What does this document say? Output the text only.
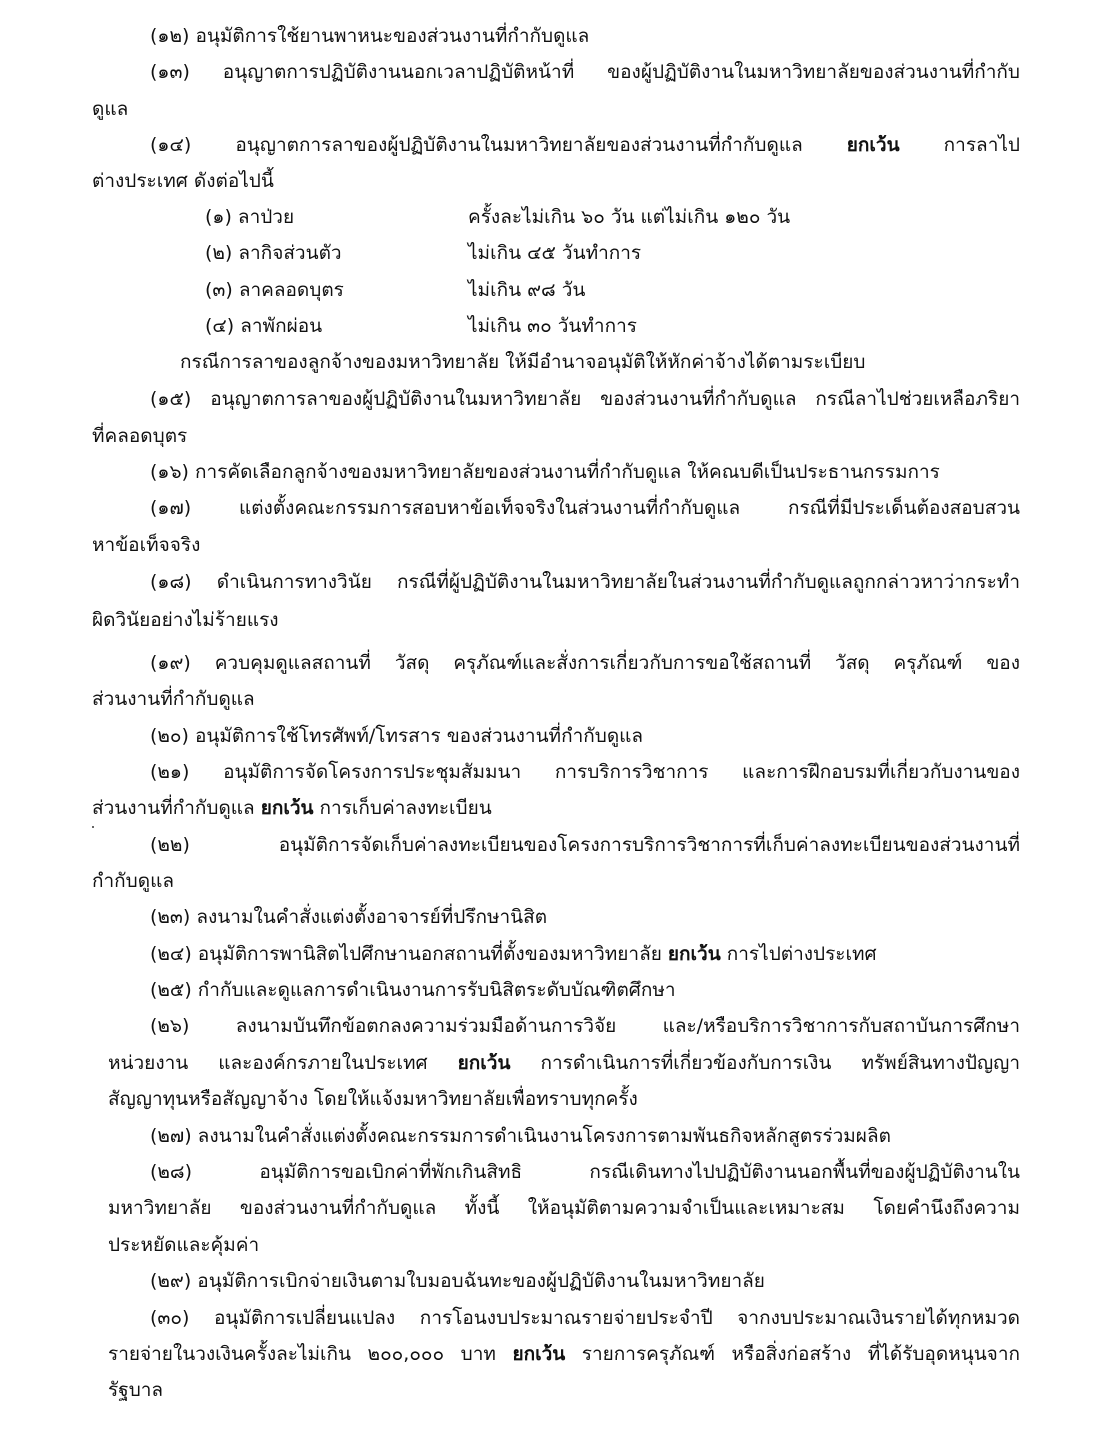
(๑๒) อนุมัติการใช้ยานพาหนะของส่วนงานที่กำกับดูแล
(๑๓) อนุญาตการปฏิบัติงานนอกเวลาปฏิบัติหน้าที่ ของผู้ปฏิบัติงานในมหาวิทยาลัยของส่วนงานที่กำกับ
ดูแล
(๑๔) อนุญาตการลาของผู้ปฏิบัติงานในมหาวิทยาลัยของส่วนงานที่กำกับดูแล ยกเว้น การลาไป
ต่างประเทศ ดังต่อไปนี้
(๑) ลาป่วย	ครั้งละไม่เกิน ๖๐ วัน แต่ไม่เกิน ๑๒๐ วัน
(๒) ลากิจส่วนตัว	ไม่เกิน ๔๕ วันทำการ
(๓) ลาคลอดบุตร	ไม่เกิน ๙๘ วัน
(๔) ลาพักผ่อน	ไม่เกิน ๓๐ วันทำการ
กรณีการลาของลูกจ้างของมหาวิทยาลัย ให้มีอำนาจอนุมัติให้หักค่าจ้างได้ตามระเบียบ
(๑๕) อนุญาตการลาของผู้ปฏิบัติงานในมหาวิทยาลัย ของส่วนงานที่กำกับดูแล กรณีลาไปช่วยเหลือภริยา
ที่คลอดบุตร
(๑๖) การคัดเลือกลูกจ้างของมหาวิทยาลัยของส่วนงานที่กำกับดูแล ให้คณบดีเป็นประธานกรรมการ
(๑๗) แต่งตั้งคณะกรรมการสอบหาข้อเท็จจริงในส่วนงานที่กำกับดูแล กรณีที่มีประเด็นต้องสอบสวน
หาข้อเท็จจริง
(๑๘) ดำเนินการทางวินัย กรณีที่ผู้ปฏิบัติงานในมหาวิทยาลัยในส่วนงานที่กำกับดูแลถูกกล่าวหาว่ากระทำ
ผิดวินัยอย่างไม่ร้ายแรง
(๑๙) ควบคุมดูแลสถานที่ วัสดุ ครุภัณฑ์และสั่งการเกี่ยวกับการขอใช้สถานที่ วัสดุ ครุภัณฑ์ ของ
ส่วนงานที่กำกับดูแล
(๒๐) อนุมัติการใช้โทรศัพท์/โทรสาร ของส่วนงานที่กำกับดูแล
(๒๑) อนุมัติการจัดโครงการประชุมสัมมนา การบริการวิชาการ และการฝึกอบรมที่เกี่ยวกับงานของ
ส่วนงานที่กำกับดูแล ยกเว้น การเก็บค่าลงทะเบียน
(๒๒) อนุมัติการจัดเก็บค่าลงทะเบียนของโครงการบริการวิชาการที่เก็บค่าลงทะเบียนของส่วนงานที่
กำกับดูแล
(๒๓) ลงนามในคำสั่งแต่งตั้งอาจารย์ที่ปรึกษานิสิต
(๒๔) อนุมัติการพานิสิตไปศึกษานอกสถานที่ตั้งของมหาวิทยาลัย ยกเว้น การไปต่างประเทศ
(๒๕) กำกับและดูแลการดำเนินงานการรับนิสิตระดับบัณฑิตศึกษา
(๒๖) ลงนามบันทึกข้อตกลงความร่วมมือด้านการวิจัย และ/หรือบริการวิชาการกับสถาบันการศึกษา
หน่วยงาน และองค์กรภายในประเทศ ยกเว้น การดำเนินการที่เกี่ยวข้องกับการเงิน ทรัพย์สินทางปัญญา
สัญญาทุนหรือสัญญาจ้าง โดยให้แจ้งมหาวิทยาลัยเพื่อทราบทุกครั้ง
(๒๗) ลงนามในคำสั่งแต่งตั้งคณะกรรมการดำเนินงานโครงการตามพันธกิจหลักสูตรร่วมผลิต
(๒๘) อนุมัติการขอเบิกค่าที่พักเกินสิทธิ กรณีเดินทางไปปฏิบัติงานนอกพื้นที่ของผู้ปฏิบัติงานใน
มหาวิทยาลัย ของส่วนงานที่กำกับดูแล ทั้งนี้ ให้อนุมัติตามความจำเป็นและเหมาะสม โดยคำนึงถึงความ
ประหยัดและคุ้มค่า
(๒๙) อนุมัติการเบิกจ่ายเงินตามใบมอบฉันทะของผู้ปฏิบัติงานในมหาวิทยาลัย
(๓๐) อนุมัติการเปลี่ยนแปลง การโอนงบประมาณรายจ่ายประจำปี จากงบประมาณเงินรายได้ทุกหมวด
รายจ่ายในวงเงินครั้งละไม่เกิน ๒๐๐,๐๐๐ บาท ยกเว้น รายการครุภัณฑ์ หรือสิ่งก่อสร้าง ที่ได้รับอุดหนุนจาก
รัฐบาล
